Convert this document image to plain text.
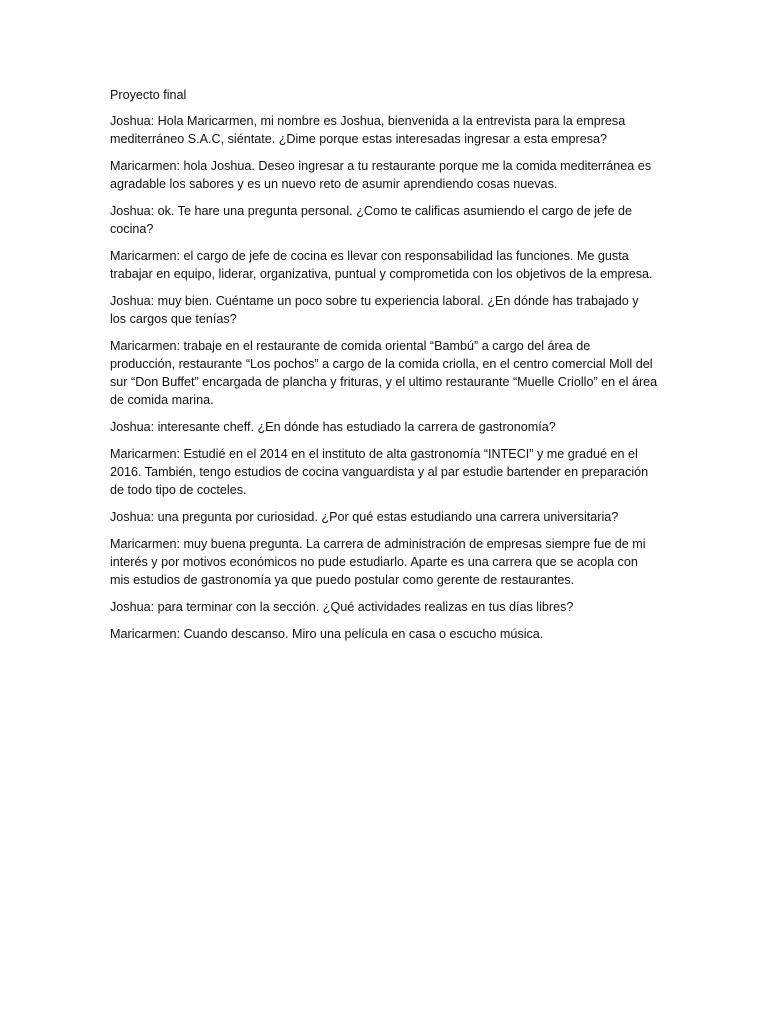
Proyecto final

Joshua: Hola Maricarmen, mi nombre es Joshua, bienvenida a la entrevista para la empresa mediterráneo S.A.C, siéntate. ¿Dime porque estas interesadas ingresar a esta empresa?

Maricarmen: hola Joshua. Deseo ingresar a tu restaurante porque me la comida mediterránea es agradable los sabores y es un nuevo reto de asumir aprendiendo cosas nuevas.

Joshua: ok. Te hare una pregunta personal. ¿Como te calificas asumiendo el cargo de jefe de cocina?

Maricarmen: el cargo de jefe de cocina es llevar con responsabilidad las funciones. Me gusta trabajar en equipo, liderar, organizativa, puntual y comprometida con los objetivos de la empresa.

Joshua: muy bien. Cuéntame un poco sobre tu experiencia laboral. ¿En dónde has trabajado y los cargos que tenías?

Maricarmen: trabaje en el restaurante de comida oriental “Bambú” a cargo del área de producción, restaurante “Los pochos” a cargo de la comida criolla, en el centro comercial Moll del sur “Don Buffet” encargada de plancha y frituras, y el ultimo restaurante “Muelle Criollo” en el área de comida marina.

Joshua: interesante cheff. ¿En dónde has estudiado la carrera de gastronomía?

Maricarmen: Estudié en el 2014 en el instituto de alta gastronomía “INTECI” y me gradué en el 2016. También, tengo estudios de cocina vanguardista y al par estudie bartender en preparación de todo tipo de cocteles.

Joshua: una pregunta por curiosidad. ¿Por qué estas estudiando una carrera universitaria?

Maricarmen: muy buena pregunta. La carrera de administración de empresas siempre fue de mi interés y por motivos económicos no pude estudiarlo. Aparte es una carrera que se acopla con mis estudios de gastronomía ya que puedo postular como gerente de restaurantes.

Joshua: para terminar con la sección. ¿Qué actividades realizas en tus días libres?

Maricarmen: Cuando descanso. Miro una película en casa o escucho música.
